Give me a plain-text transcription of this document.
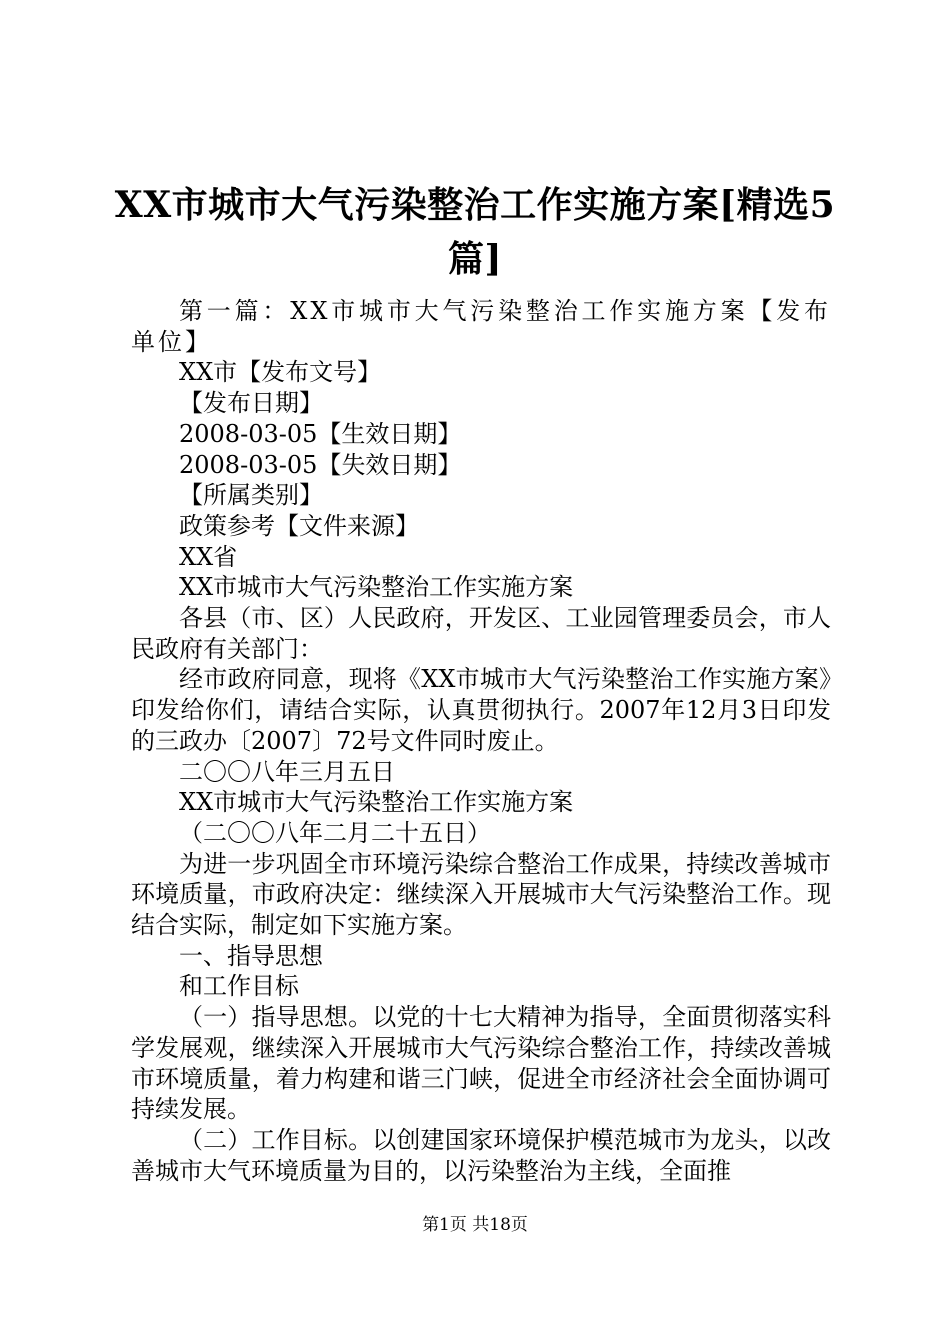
XX市城市大气污染整治工作实施方案[精选5
篇]

第一篇：XX市城市大气污染整治工作实施方案【发布单位】

XX市【发布文号】

【发布日期】

2008-03-05【生效日期】

2008-03-05【失效日期】

【所属类别】

政策参考【文件来源】

XX省

XX市城市大气污染整治工作实施方案

各县（市、区）人民政府，开发区、工业园管理委员会，市人民政府有关部门：

经市政府同意，现将《XX市城市大气污染整治工作实施方案》印发给你们，请结合实际，认真贯彻执行。2007年12月3日印发的三政办〔2007〕72号文件同时废止。

二〇〇八年三月五日

XX市城市大气污染整治工作实施方案

（二〇〇八年二月二十五日）

为进一步巩固全市环境污染综合整治工作成果，持续改善城市环境质量，市政府决定：继续深入开展城市大气污染整治工作。现结合实际，制定如下实施方案。

一、指导思想

和工作目标

（一）指导思想。以党的十七大精神为指导，全面贯彻落实科学发展观，继续深入开展城市大气污染综合整治工作，持续改善城市环境质量，着力构建和谐三门峡，促进全市经济社会全面协调可持续发展。

（二）工作目标。以创建国家环境保护模范城市为龙头，以改善城市大气环境质量为目的，以污染整治为主线，全面推

第1页 共18页
